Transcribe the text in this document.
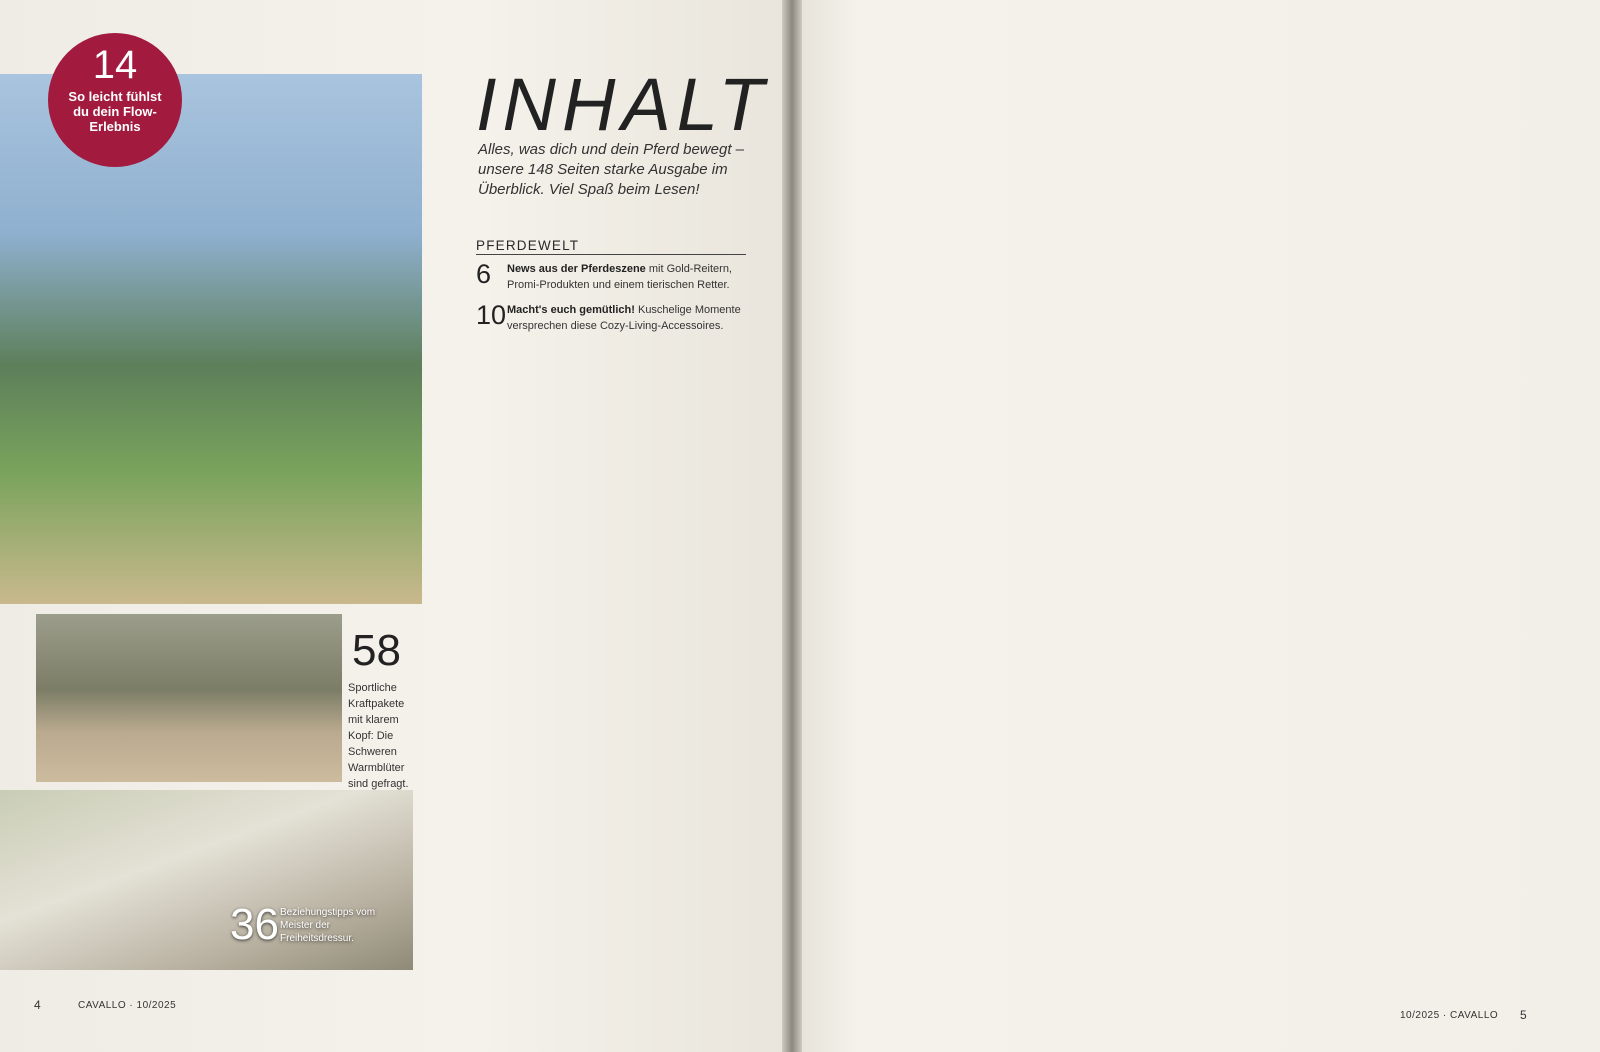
14
So leicht fühlst du dein Flow-Erlebnis
58
Sportliche Kraftpakete mit klarem Kopf: Die Schweren Warmblüter sind gefragt.
36 Beziehungstipps vom Meister der Freiheitsdressur.
INHALT
Alles, was dich und dein Pferd bewegt – unsere 148 Seiten starke Ausgabe im Überblick. Viel Spaß beim Lesen!
PFERDEWELT
6	News aus der Pferdeszene mit Gold-Reitern, Promi-Produkten und einem tierischen Retter.
10 Macht's euch gemütlich! Kuschelige Momente versprechen diese Cozy-Living-Accessoires.
4	CAVALLO · 10/2025
10/2025 · CAVALLO 5
